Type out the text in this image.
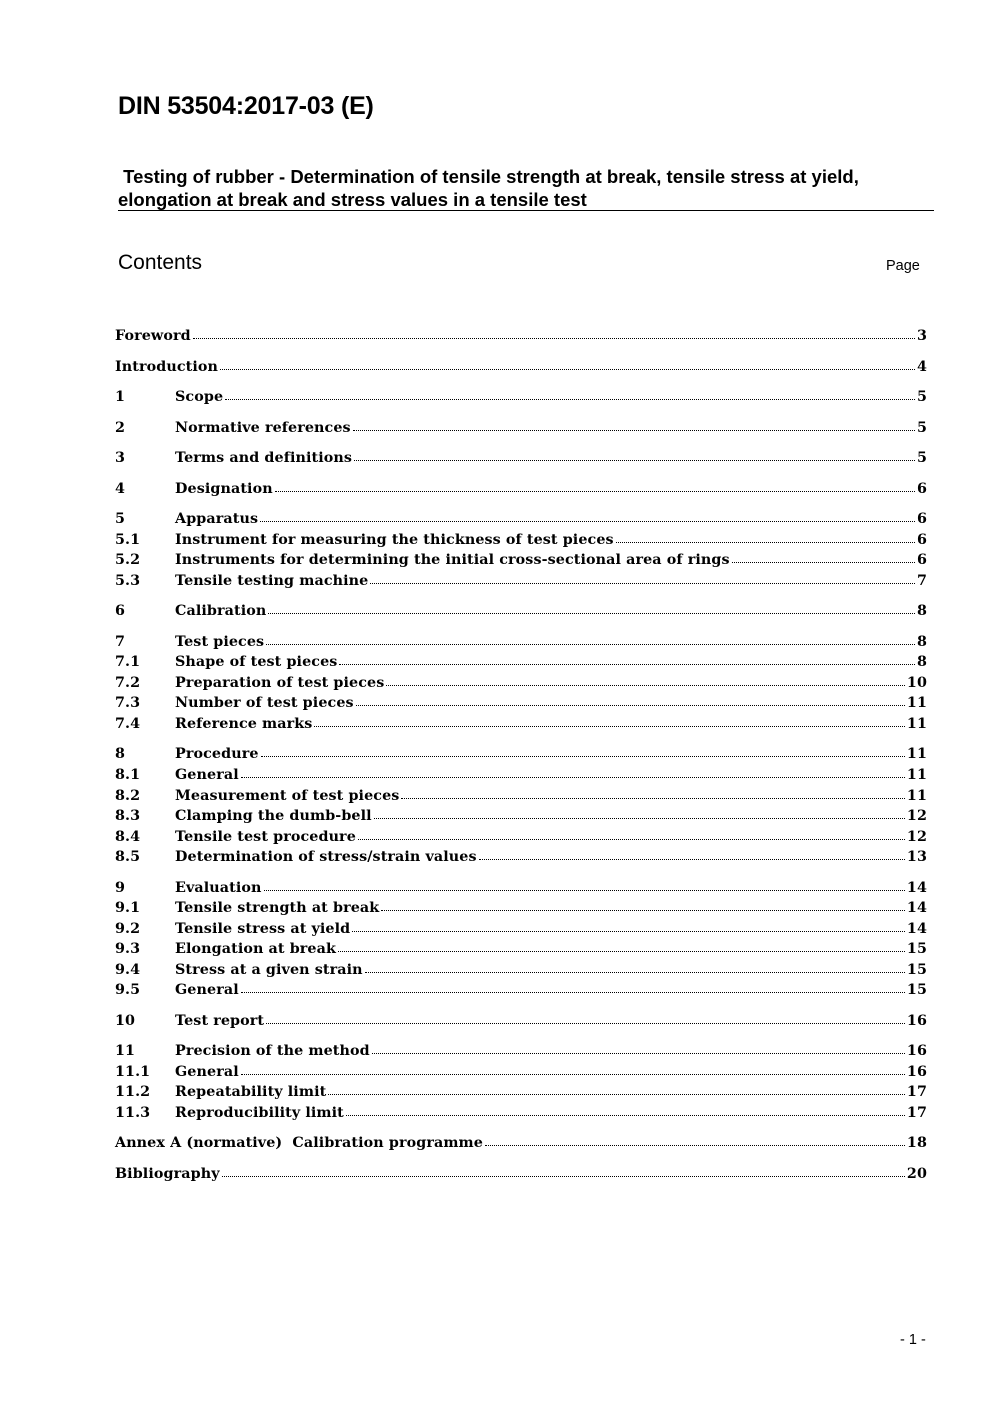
DIN 53504:2017-03 (E)
Testing of rubber - Determination of tensile strength at break, tensile stress at yield,
elongation at break and stress values in a tensile test
Contents	Page
Foreword	3
Introduction	4
1	Scope	5
2	Normative references	5
3	Terms and definitions	5
4	Designation	6
5	Apparatus	6
5.1	Instrument for measuring the thickness of test pieces	6
5.2	Instruments for determining the initial cross-sectional area of rings	6
5.3	Tensile testing machine	7
6	Calibration	8
7	Test pieces	8
7.1	Shape of test pieces	8
7.2	Preparation of test pieces	10
7.3	Number of test pieces	11
7.4	Reference marks	11
8	Procedure	11
8.1	General	11
8.2	Measurement of test pieces	11
8.3	Clamping the dumb-bell	12
8.4	Tensile test procedure	12
8.5	Determination of stress/strain values	13
9	Evaluation	14
9.1	Tensile strength at break	14
9.2	Tensile stress at yield	14
9.3	Elongation at break	15
9.4	Stress at a given strain	15
9.5	General	15
10	Test report	16
11	Precision of the method	16
11.1	General	16
11.2	Repeatability limit	17
11.3	Reproducibility limit	17
Annex A (normative)  Calibration programme	18
Bibliography	20
- 1 -
